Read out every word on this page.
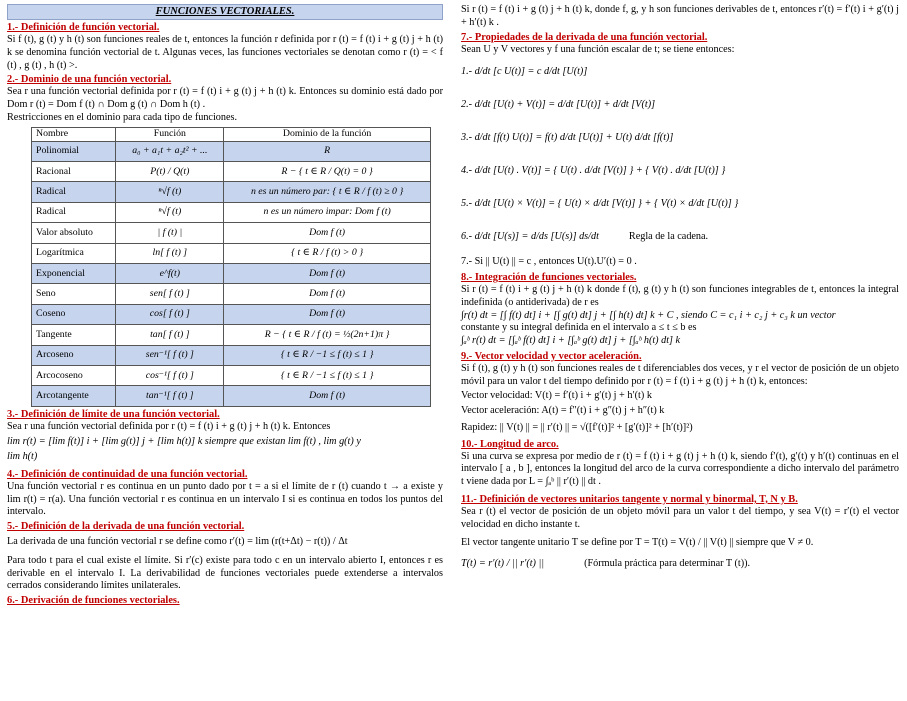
FUNCIONES VECTORIALES.
1.- Definición de función vectorial.

Si f (t), g (t) y h (t) son funciones reales de t, entonces la función r definida por r (t) = f (t) i + g (t) j + h (t) k se denomina función vectorial de t. Algunas veces, las funciones vectoriales se denotan como r (t) = < f (t) , g (t) , h (t) >.

2.- Dominio de una función vectorial.

Sea r una función vectorial definida por r (t) = f (t) i + g (t) j + h (t) k. Entonces su dominio está dado por Dom r (t) = Dom f (t) ∩ Dom g (t) ∩ Dom h (t) .

Restricciones en el dominio para cada tipo de funciones.

Nombre	Función	Dominio de la función
Polinomial	a₀ + a₁t + a₂t² + ...	R
Racional	P(t) / Q(t)	R − { t ∈ R / Q(t) = 0 }
Radical	ⁿ√f (t)	n es un número par: { t ∈ R / f (t) ≥ 0 }
Radical	ⁿ√f (t)	n es un número impar: Dom f (t)
Valor absoluto	| f (t) |	Dom f (t)
Logarítmica	ln[ f (t) ]	{ t ∈ R / f (t) > 0 }
Exponencial	e^f(t)	Dom f (t)
Seno	sen[ f (t) ]	Dom f (t)
Coseno	cos[ f (t) ]	Dom f (t)
Tangente	tan[ f (t) ]	R − { t ∈ R / f (t) = ½(2n+1)π }
Arcoseno	sen⁻¹[ f (t) ]	{ t ∈ R / −1 ≤ f (t) ≤ 1 }
Arcocoseno	cos⁻¹[ f (t) ]	{ t ∈ R / −1 ≤ f (t) ≤ 1 }
Arcotangente	tan⁻¹[ f (t) ]	Dom f (t)
3.- Definición de límite de una función vectorial.

Sea r una función vectorial definida por r (t) = f (t) i + g (t) j + h (t) k. Entonces

lim r(t) = [lim f(t)] i + [lim g(t)] j + [lim h(t)] k siempre que existan lim f(t) , lim g(t) y

lim h(t)

4.- Definición de continuidad de una función vectorial.

Una función vectorial r es continua en un punto dado por t = a si el límite de r (t) cuando t → a existe y lim r(t) = r(a). Una función vectorial r es continua en un intervalo I si es continua en todos los puntos del intervalo.

5.- Definición de la derivada de una función vectorial.

La derivada de una función vectorial r se define como r′(t) = lim (r(t+Δt) − r(t)) / Δt

Para todo t para el cual existe el límite. Si r′(c) existe para todo c en un intervalo abierto I, entonces r es derivable en el intervalo I. La derivabilidad de funciones vectoriales puede extenderse a intervalos cerrados considerando límites unilaterales.

6.- Derivación de funciones vectoriales.

Si r (t) = f (t) i + g (t) j + h (t) k, donde f, g, y h son funciones derivables de t, entonces r′(t) = f′(t) i + g′(t) j + h′(t) k .

7.- Propiedades de la derivada de una función vectorial.

Sean U y V vectores y f una función escalar de t; se tiene entonces:

1.- d/dt [c U(t)] = c d/dt [U(t)]
2.- d/dt [U(t) + V(t)] = d/dt [U(t)] + d/dt [V(t)]
3.- d/dt [f(t) U(t)] = f(t) d/dt [U(t)] + U(t) d/dt [f(t)]
4.- d/dt [U(t) . V(t)] = { U(t) . d/dt [V(t)] } + { V(t) . d/dt [U(t)] }
5.- d/dt [U(t) × V(t)] = { U(t) × d/dt [V(t)] } + { V(t) × d/dt [U(t)] }
6.- d/dt [U(s)] = d/ds [U(s)] ds/dt	Regla de la cadena.

7.- Si || U(t) || = c , entonces U(t).U′(t) = 0 .

8.- Integración de funciones vectoriales.

Si r (t) = f (t) i + g (t) j + h (t) k donde f (t), g (t) y h (t) son funciones integrables de t, entonces la integral indefinida (o antiderivada) de r es

∫r(t) dt = [∫ f(t) dt] i + [∫ g(t) dt] j + [∫ h(t) dt] k + C , siendo C = c₁ i + c₂ j + c₃ k un vector

constante y su integral definida en el intervalo a ≤ t ≤ b es

∫ₐᵇ r(t) dt = [∫ₐᵇ f(t) dt] i + [∫ₐᵇ g(t) dt] j + [∫ₐᵇ h(t) dt] k

9.- Vector velocidad y vector aceleración.

Si f (t), g (t) y h (t) son funciones reales de t diferenciables dos veces, y r el vector de posición de un objeto móvil para un valor t del tiempo definido por r (t) = f (t) i + g (t) j + h (t) k, entonces:

Vector velocidad: V(t) = f′(t) i + g′(t) j + h′(t) k

Vector aceleración: A(t) = f″(t) i + g″(t) j + h″(t) k

Rapidez: || V(t) || = || r′(t) || = √([f′(t)]² + [g′(t)]² + [h′(t)]²)

10.- Longitud de arco.

Si una curva se expresa por medio de r (t) = f (t) i + g (t) j + h (t) k, siendo f′(t), g′(t) y h′(t) continuas en el intervalo [ a , b ], entonces la longitud del arco de la curva correspondiente a dicho intervalo del parámetro t viene dada por L = ∫ₐᵇ || r′(t) || dt .

11.- Definición de vectores unitarios tangente y normal y binormal, T, N y B.

Sea r (t) el vector de posición de un objeto móvil para un valor t del tiempo, y sea V(t) = r′(t) el vector velocidad en dicho instante t.

El vector tangente unitario T se define por T = T(t) = V(t) / || V(t) || siempre que V ≠ 0.

T(t) = r′(t) / || r′(t) ||	(Fórmula práctica para determinar T (t)).
